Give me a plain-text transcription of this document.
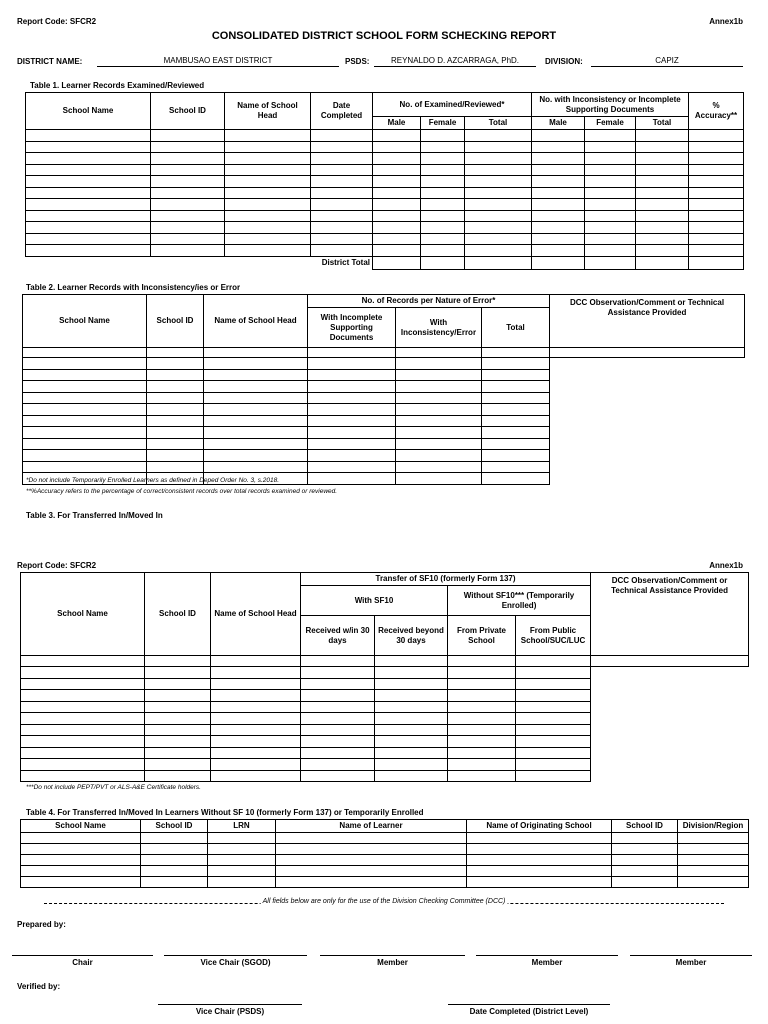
Report Code: SFCR2	Annex1b
CONSOLIDATED DISTRICT SCHOOL FORM SCHECKING REPORT
DISTRICT NAME:	MAMBUSAO EAST DISTRICT	PSDS:	REYNALDO D. AZCARRAGA, PhD.	DIVISION:	CAPIZ
Table 1. Learner Records Examined/Reviewed
School Name	School ID	Name of School Head	Date Completed	No. of Examined/Reviewed*			No. with Inconsistency or Incomplete Supporting Documents			% Accuracy**
				Male	Female	Total	Male	Female	Total	

District Total										
Table 2. Learner Records with Inconsistency/ies or Error
School Name	School ID	Name of School Head	No. of Records per Nature of Error*			DCC Observation/Comment or Technical Assistance Provided
			With Incomplete Supporting Documents	With Inconsistency/Error	Total	

*Do not include Temporarily Enrolled Learners as defined in Deped Order No. 3, s.2018.
**%Accuracy refers to the percentage of correct/consistent records over total records examined or reviewed.
Table 3. For Transferred In/Moved In
Report Code: SFCR2	Annex1b
School Name	School ID	Name of School Head	Transfer of SF10 (formerly Form 137)				DCC Observation/Comment or Technical Assistance Provided
			With SF10		Without SF10*** (Temporarily Enrolled)		
			Received w/in 30 days	Received beyond 30 days	From Private School	From Public School/SUC/LUC	

***Do not include PEPT/PVT or ALS-A&E Certificate holders.
Table 4. For Transferred In/Moved In Learners Without SF 10 (formerly Form 137) or Temporarily Enrolled
School Name	School ID	LRN	Name of Learner	Name of Originating School	School ID	Division/Region

All fields below are only for the use of the Division Checking Committee (DCC)
Prepared by:
Chair	Vice Chair (SGOD)	Member	Member	Member
Verified by:
Vice Chair (PSDS)	Date Completed (District Level)
